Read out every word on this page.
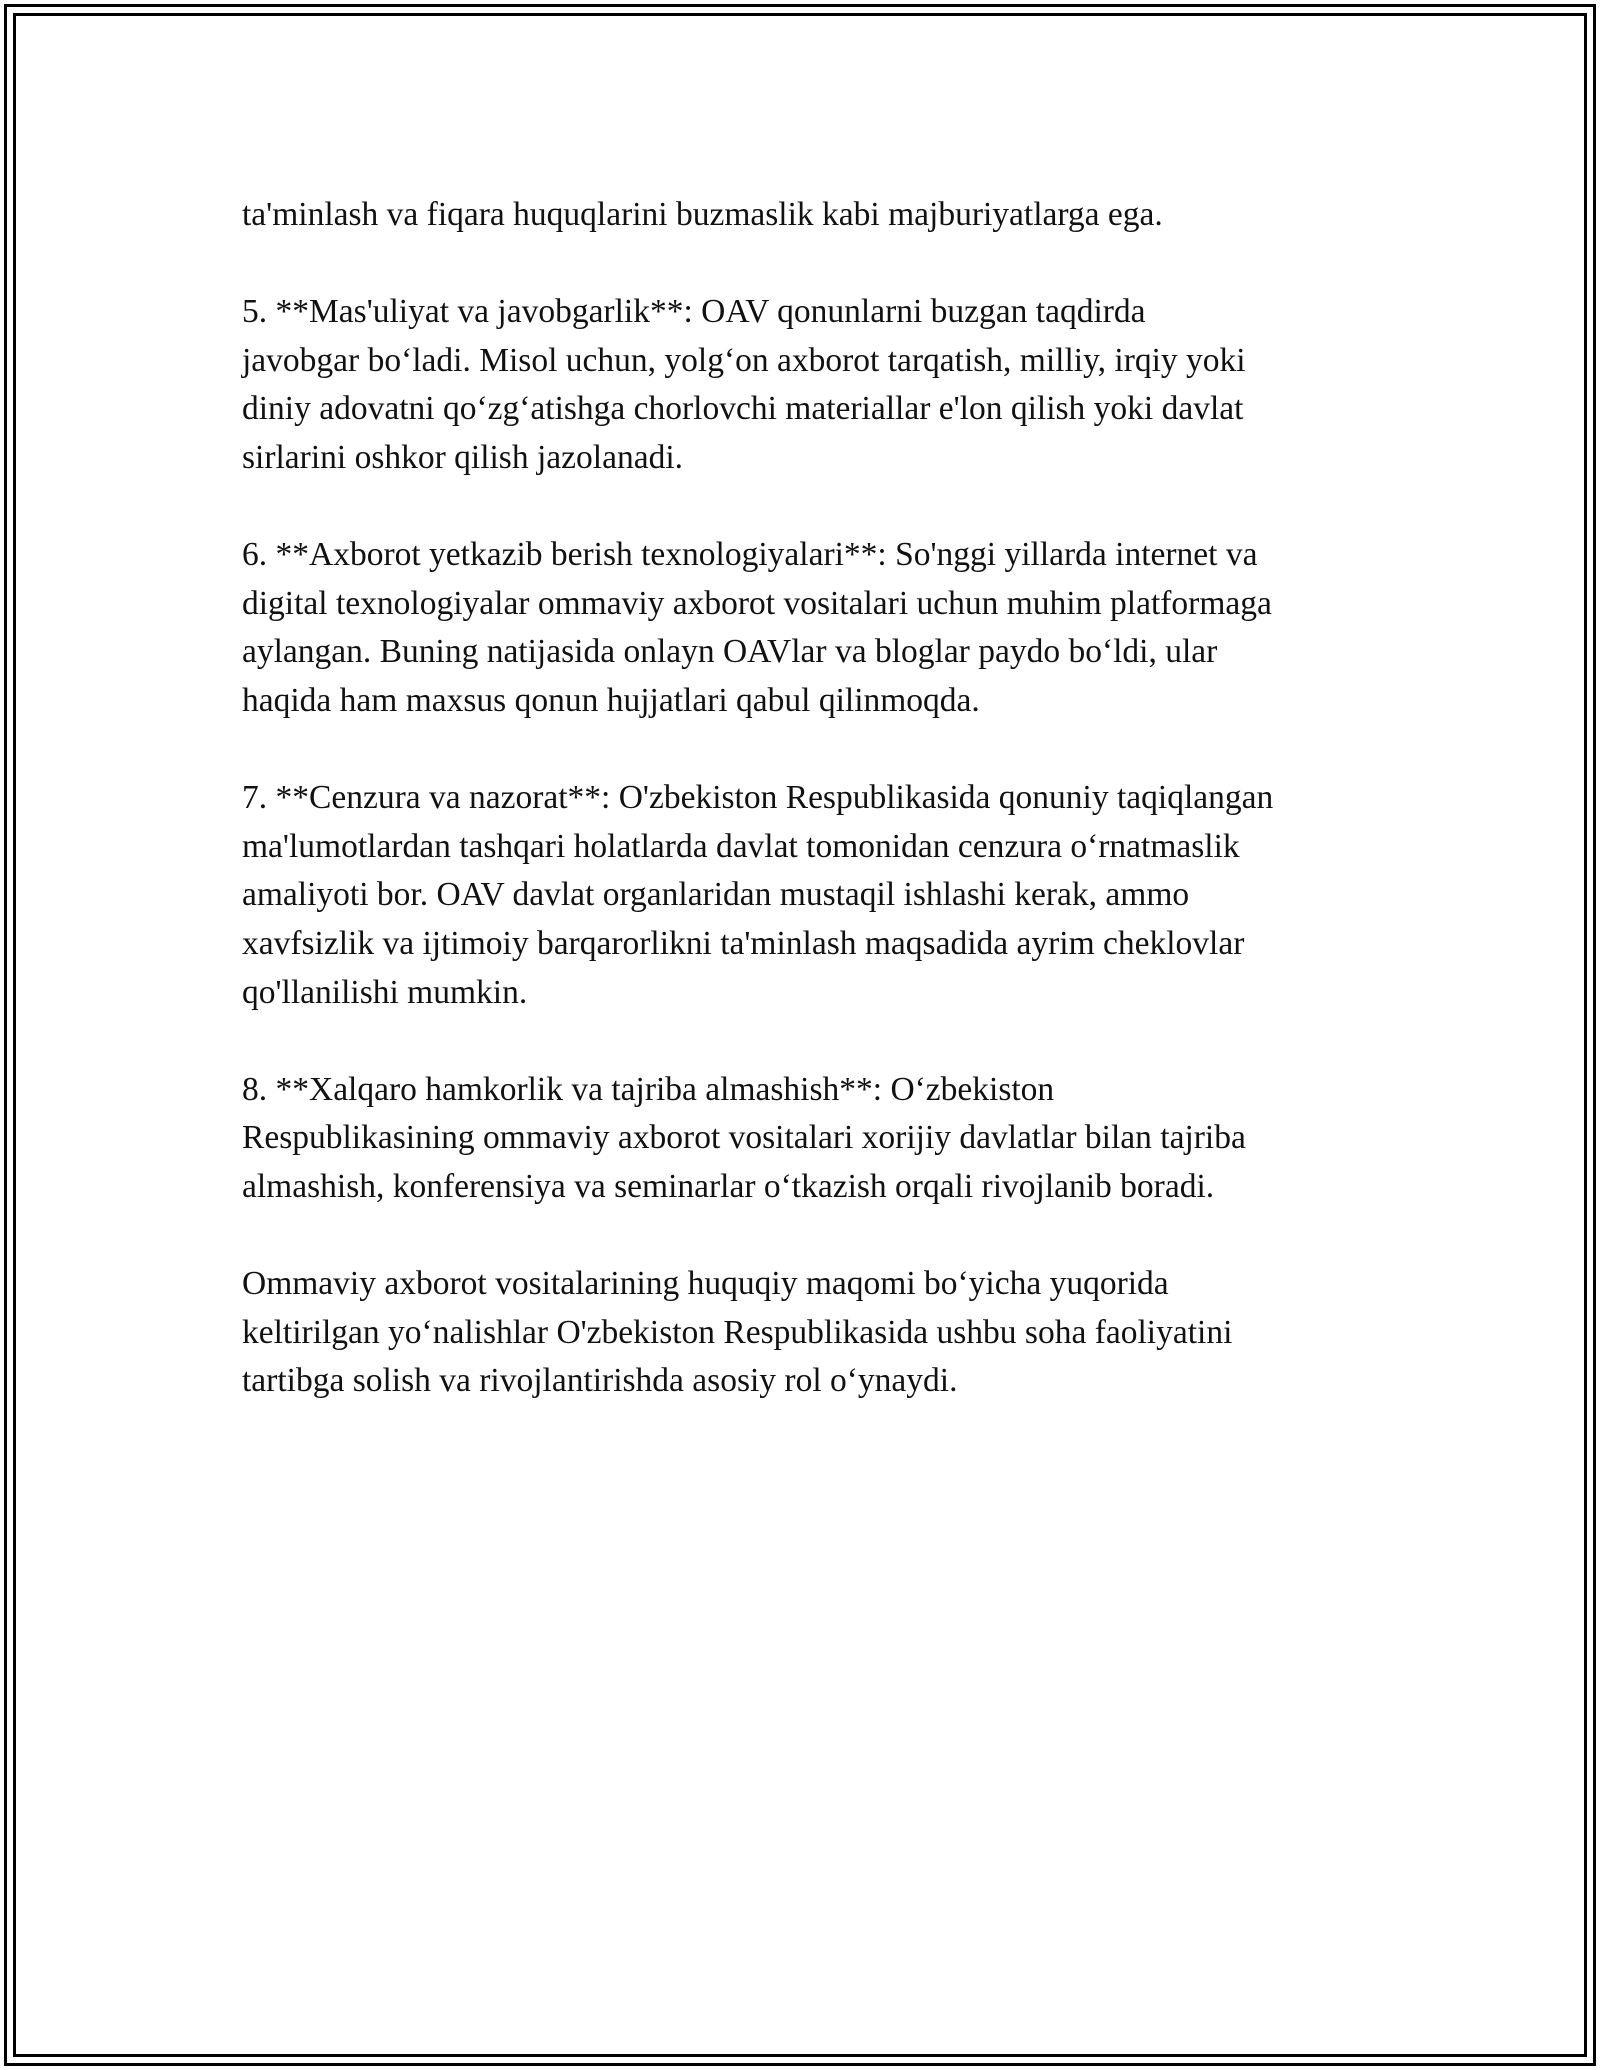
ta'minlash va fiqara huquqlarini buzmaslik kabi majburiyatlarga ega.

5. **Mas'uliyat va javobgarlik**: OAV qonunlarni buzgan taqdirda
javobgar bo‘ladi. Misol uchun, yolg‘on axborot tarqatish, milliy, irqiy yoki
diniy adovatni qo‘zg‘atishga chorlovchi materiallar e'lon qilish yoki davlat
sirlarini oshkor qilish jazolanadi.

6. **Axborot yetkazib berish texnologiyalari**: So'nggi yillarda internet va
digital texnologiyalar ommaviy axborot vositalari uchun muhim platformaga
aylangan. Buning natijasida onlayn OAVlar va bloglar paydo bo‘ldi, ular
haqida ham maxsus qonun hujjatlari qabul qilinmoqda.

7. **Cenzura va nazorat**: O'zbekiston Respublikasida qonuniy taqiqlangan
ma'lumotlardan tashqari holatlarda davlat tomonidan cenzura o‘rnatmaslik
amaliyoti bor. OAV davlat organlaridan mustaqil ishlashi kerak, ammo
xavfsizlik va ijtimoiy barqarorlikni ta'minlash maqsadida ayrim cheklovlar
qo'llanilishi mumkin.

8. **Xalqaro hamkorlik va tajriba almashish**: O‘zbekiston
Respublikasining ommaviy axborot vositalari xorijiy davlatlar bilan tajriba
almashish, konferensiya va seminarlar o‘tkazish orqali rivojlanib boradi.

Ommaviy axborot vositalarining huquqiy maqomi bo‘yicha yuqorida
keltirilgan yo‘nalishlar O'zbekiston Respublikasida ushbu soha faoliyatini
tartibga solish va rivojlantirishda asosiy rol o‘ynaydi.
